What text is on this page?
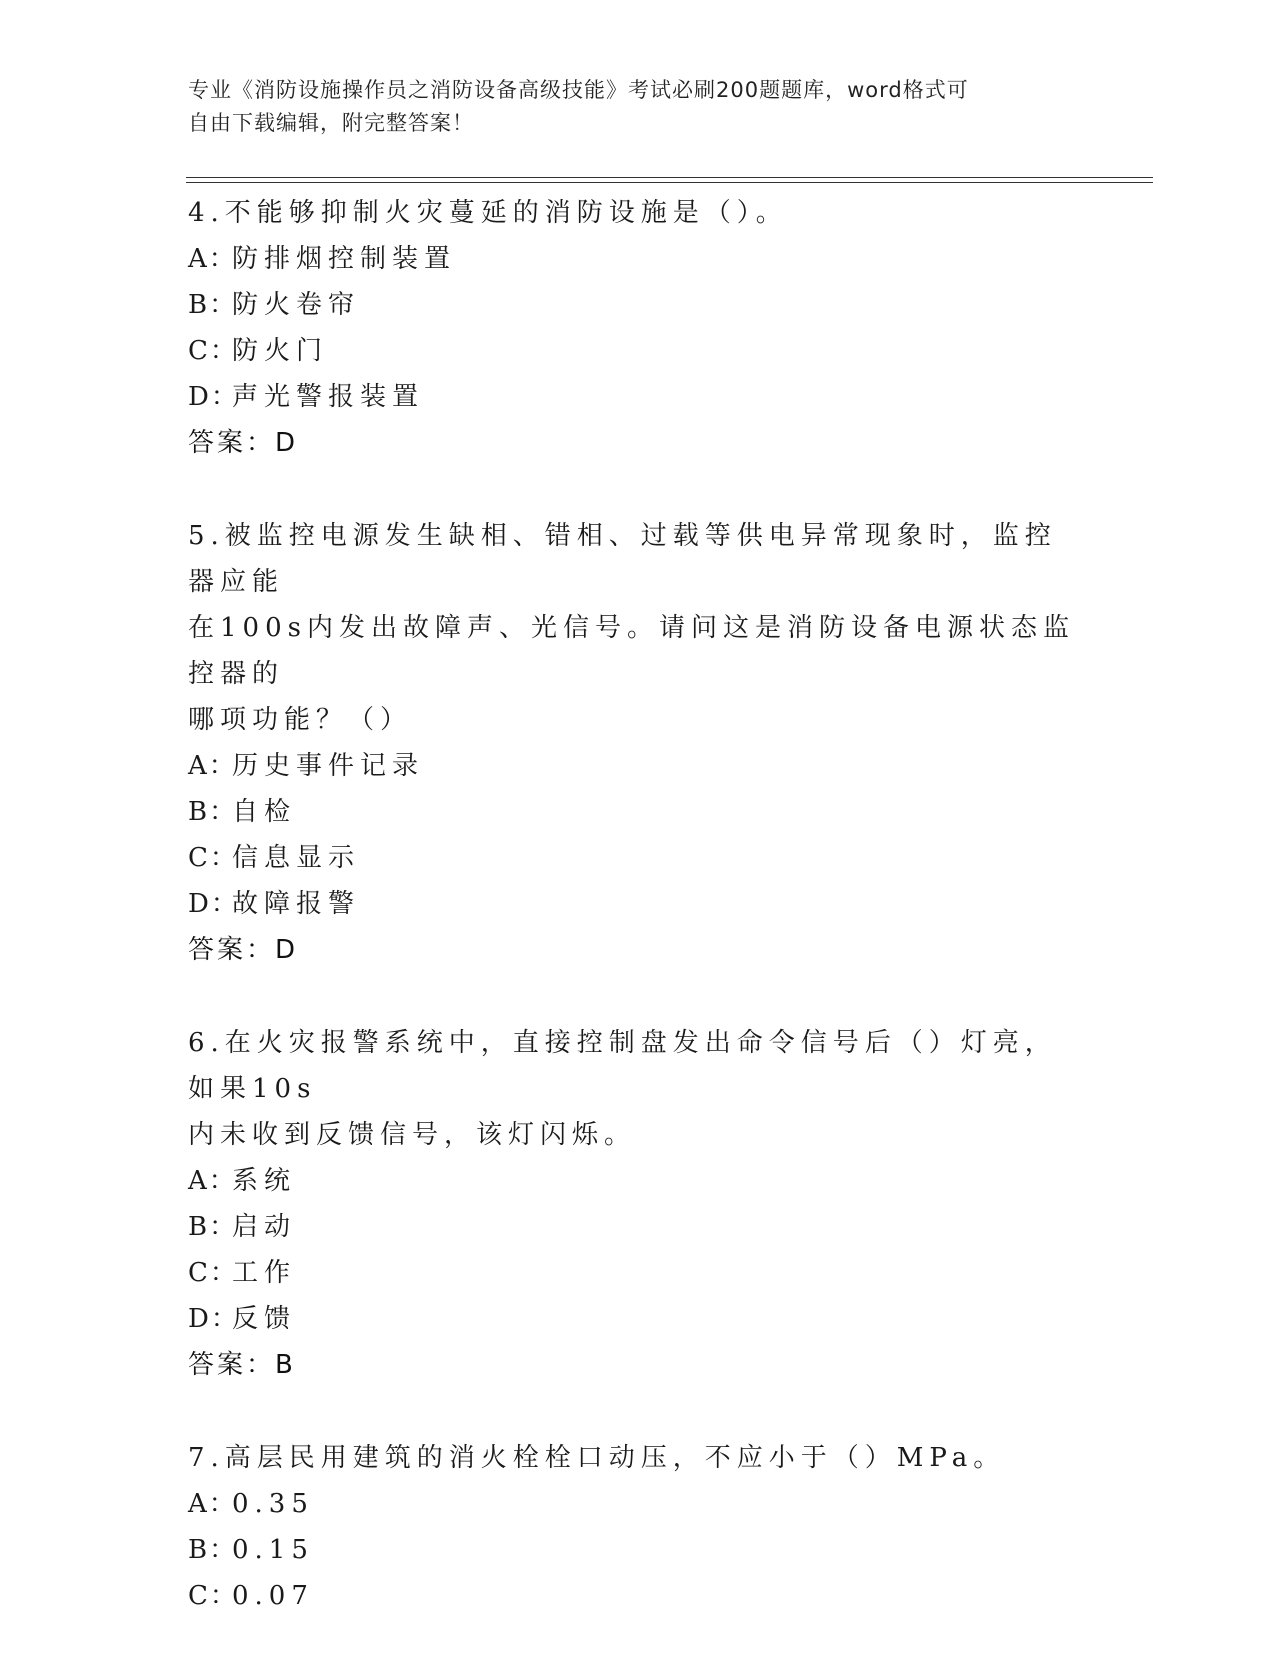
专业《消防设施操作员之消防设备高级技能》考试必刷200题题库，word格式可
自由下载编辑，附完整答案！

4.不能够抑制火灾蔓延的消防设施是（）。

A：
防排烟控制装置

B：
防火卷帘

C：
防火门

D：
声光警报装置

答案：D

5.被监控电源发生缺相、错相、过载等供电异常现象时，监控器应能

在100s内发出故障声、光信号。请问这是消防设备电源状态监控器的

哪项功能？（）

A：
历史事件记录

B：
自检

C：
信息显示

D：
故障报警

答案：D

6.在火灾报警系统中，直接控制盘发出命令信号后（）灯亮，如果10s

内未收到反馈信号，该灯闪烁。

A：
系统

B：
启动

C：
工作

D：
反馈

答案：B

7.高层民用建筑的消火栓栓口动压，不应小于（）MPa。

A：
0.35

B：
0.15

C：
0.07
